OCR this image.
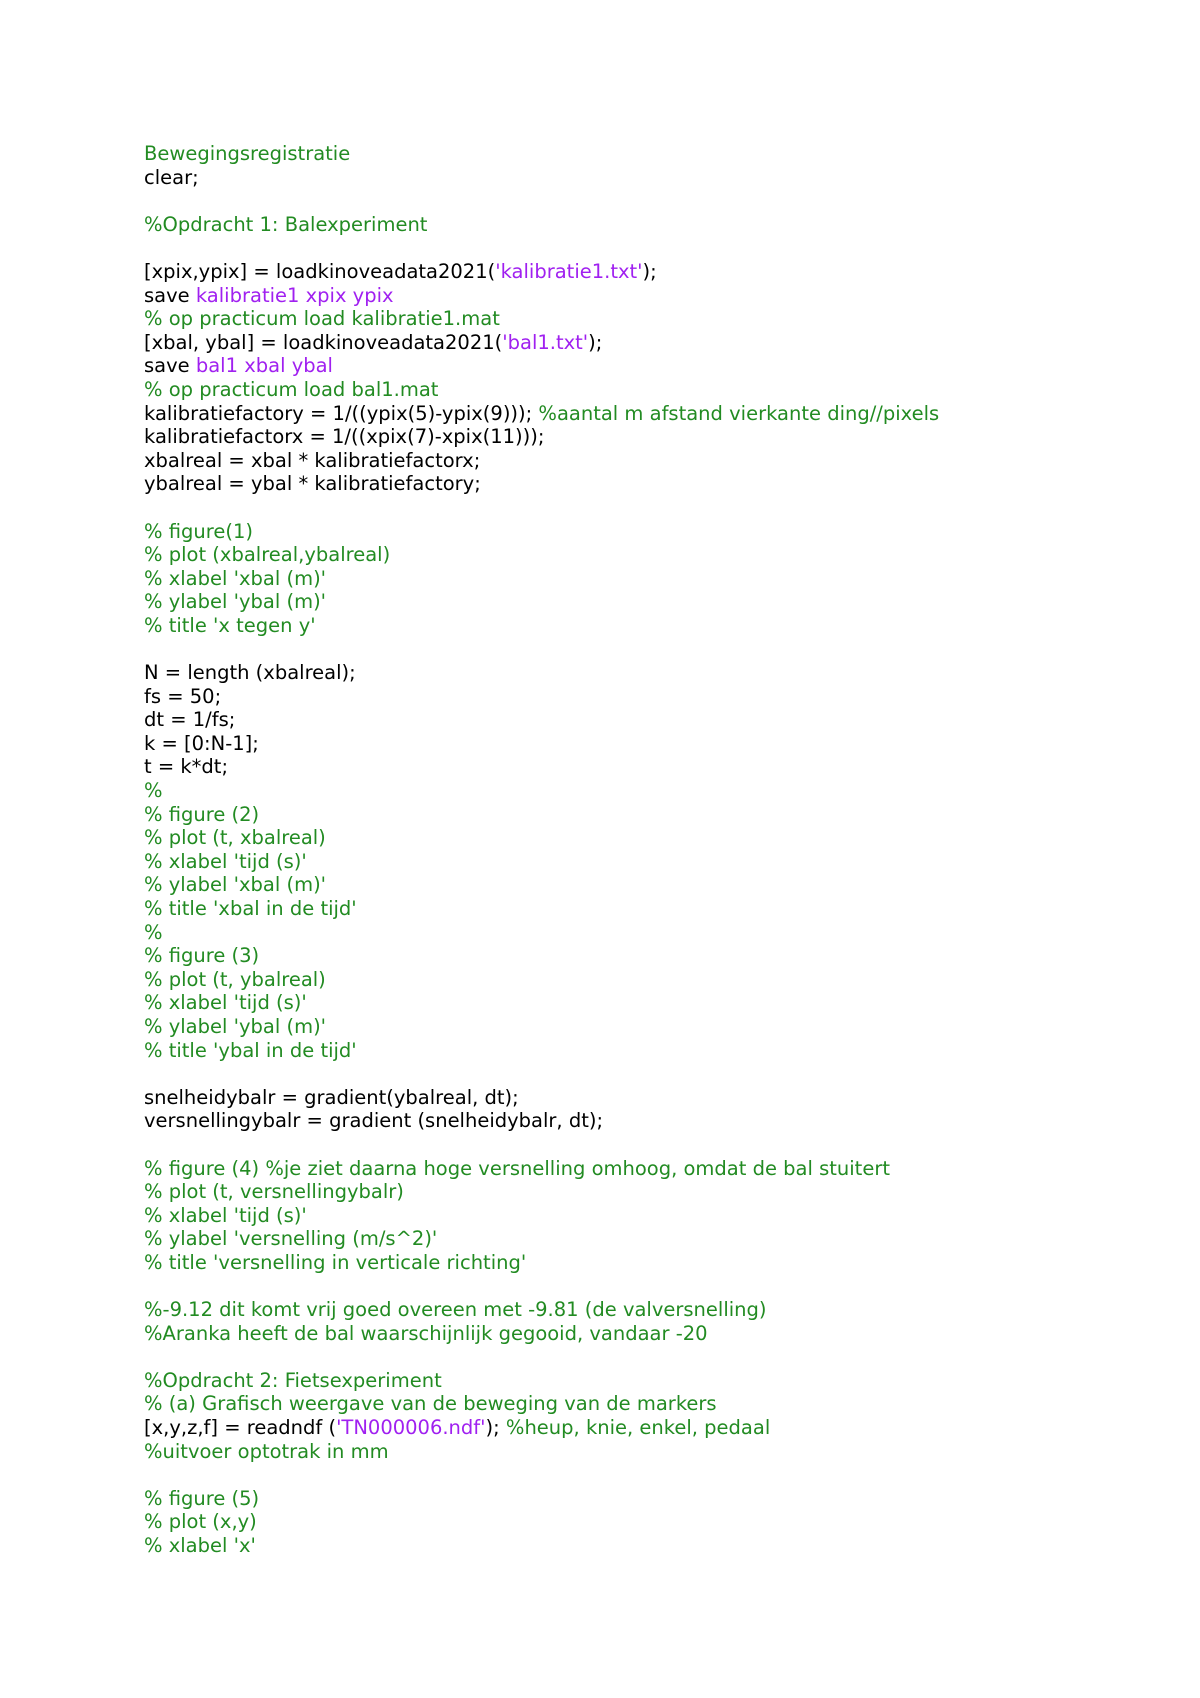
Bewegingsregistratie
clear;
%Opdracht 1: Balexperiment
[xpix,ypix] = loadkinoveadata2021('kalibratie1.txt');
save kalibratie1 xpix ypix
% op practicum load kalibratie1.mat
[xbal, ybal] = loadkinoveadata2021('bal1.txt');
save bal1 xbal ybal
% op practicum load bal1.mat
kalibratiefactory = 1/((ypix(5)-ypix(9))); %aantal m afstand vierkante ding//pixels
kalibratiefactorx = 1/((xpix(7)-xpix(11)));
xbalreal = xbal * kalibratiefactorx;
ybalreal = ybal * kalibratiefactory;
% figure(1)
% plot (xbalreal,ybalreal)
% xlabel 'xbal (m)'
% ylabel 'ybal (m)'
% title 'x tegen y'
N = length (xbalreal);
fs = 50;
dt = 1/fs;
k = [0:N-1];
t = k*dt;
%
% figure (2)
% plot (t, xbalreal)
% xlabel 'tijd (s)'
% ylabel 'xbal (m)'
% title 'xbal in de tijd'
%
% figure (3)
% plot (t, ybalreal)
% xlabel 'tijd (s)'
% ylabel 'ybal (m)'
% title 'ybal in de tijd'
snelheidybalr = gradient(ybalreal, dt);
versnellingybalr = gradient (snelheidybalr, dt);
% figure (4) %je ziet daarna hoge versnelling omhoog, omdat de bal stuitert
% plot (t, versnellingybalr)
% xlabel 'tijd (s)'
% ylabel 'versnelling (m/s^2)'
% title 'versnelling in verticale richting'
%-9.12 dit komt vrij goed overeen met -9.81 (de valversnelling)
%Aranka heeft de bal waarschijnlijk gegooid, vandaar -20
%Opdracht 2: Fietsexperiment
% (a) Grafisch weergave van de beweging van de markers
[x,y,z,f] = readndf ('TN000006.ndf'); %heup, knie, enkel, pedaal
%uitvoer optotrak in mm
% figure (5)
% plot (x,y)
% xlabel 'x'
